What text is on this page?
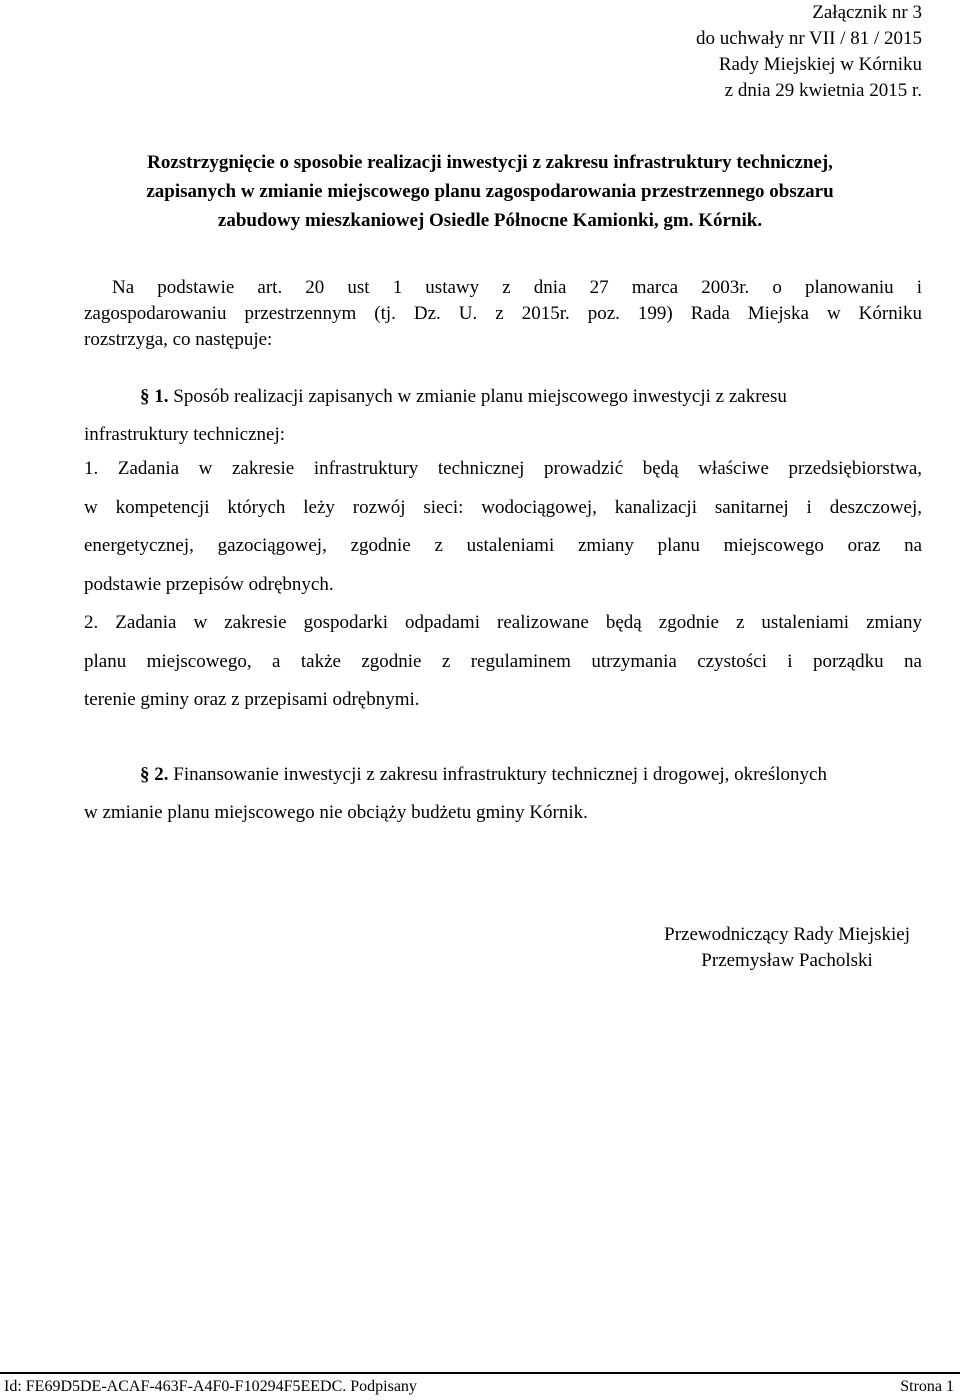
Załącznik nr 3
do uchwały nr VII / 81 / 2015
Rady Miejskiej w Kórniku
z dnia 29 kwietnia 2015 r.
Rozstrzygnięcie o sposobie realizacji inwestycji z zakresu infrastruktury technicznej,
zapisanych w zmianie miejscowego planu zagospodarowania przestrzennego obszaru
zabudowy mieszkaniowej Osiedle Północne Kamionki, gm. Kórnik.

Na podstawie art. 20 ust 1 ustawy z dnia 27 marca 2003r. o planowaniu i

zagospodarowaniu przestrzennym (tj. Dz. U. z 2015r. poz. 199) Rada Miejska w Kórniku

rozstrzyga, co następuje:

§ 1. Sposób realizacji zapisanych w zmianie planu miejscowego inwestycji z zakresu

infrastruktury technicznej:

1. Zadania w zakresie infrastruktury technicznej prowadzić będą właściwe przedsiębiorstwa,

w kompetencji których leży rozwój sieci: wodociągowej, kanalizacji sanitarnej i deszczowej,

energetycznej, gazociągowej, zgodnie z ustaleniami zmiany planu miejscowego oraz na

podstawie przepisów odrębnych.

2. Zadania w zakresie gospodarki odpadami realizowane będą zgodnie z ustaleniami zmiany

planu miejscowego, a także zgodnie z regulaminem utrzymania czystości i porządku na

terenie gminy oraz z przepisami odrębnymi.

§ 2. Finansowanie inwestycji z zakresu infrastruktury technicznej i drogowej, określonych

w zmianie planu miejscowego nie obciąży budżetu gminy Kórnik.

Przewodniczący Rady Miejskiej
Przemysław Pacholski
Id: FE69D5DE-ACAF-463F-A4F0-F10294F5EEDC. Podpisany	Strona 1
